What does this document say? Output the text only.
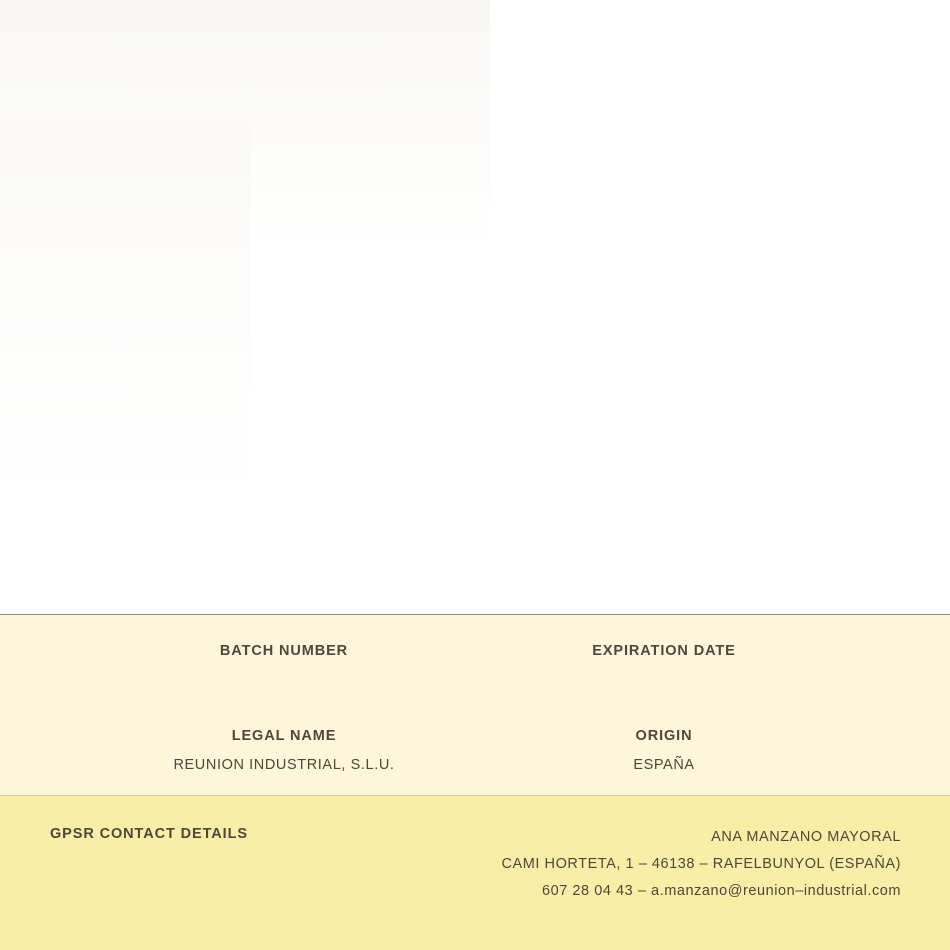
BATCH NUMBER	EXPIRATION DATE
LEGAL NAME
REUNION INDUSTRIAL, S.L.U.
ORIGIN
ESPAÑA
GPSR CONTACT DETAILS	ANA MANZANO MAYORAL
CAMI HORTETA, 1 – 46138 – RAFELBUNYOL (ESPAÑA)
607 28 04 43 – a.manzano@reunion–industrial.com
